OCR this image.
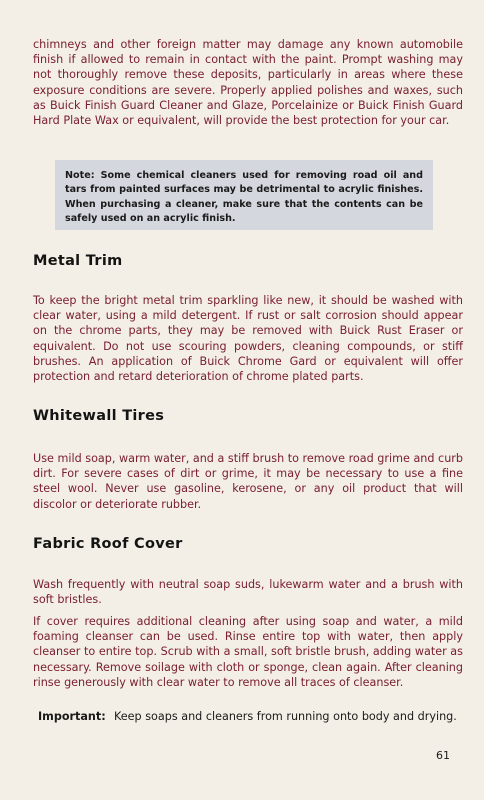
chimneys and other foreign matter may damage any known automobile finish if allowed to remain in contact with the paint. Prompt washing may not thoroughly remove these deposits, particularly in areas where these exposure conditions are severe. Properly applied polishes and waxes, such as Buick Finish Guard Cleaner and Glaze, Porcelainize or Buick Finish Guard Hard Plate Wax or equivalent, will provide the best protection for your car.

Note: Some chemical cleaners used for removing road oil and tars from painted surfaces may be detrimental to acrylic finishes. When purchasing a cleaner, make sure that the contents can be safely used on an acrylic finish.

Metal Trim

To keep the bright metal trim sparkling like new, it should be washed with clear water, using a mild detergent. If rust or salt corrosion should appear on the chrome parts, they may be removed with Buick Rust Eraser or equivalent. Do not use scouring powders, cleaning compounds, or stiff brushes. An application of Buick Chrome Gard or equivalent will offer protection and retard deterioration of chrome plated parts.

Whitewall Tires

Use mild soap, warm water, and a stiff brush to remove road grime and curb dirt. For severe cases of dirt or grime, it may be necessary to use a fine steel wool. Never use gasoline, kerosene, or any oil product that will discolor or deteriorate rubber.

Fabric Roof Cover

Wash frequently with neutral soap suds, lukewarm water and a brush with soft bristles.

If cover requires additional cleaning after using soap and water, a mild foaming cleanser can be used. Rinse entire top with water, then apply cleanser to entire top. Scrub with a small, soft bristle brush, adding water as necessary. Remove soilage with cloth or sponge, clean again. After cleaning rinse generously with clear water to remove all traces of cleanser.

Important: Keep soaps and cleaners from running onto body and drying.
61
